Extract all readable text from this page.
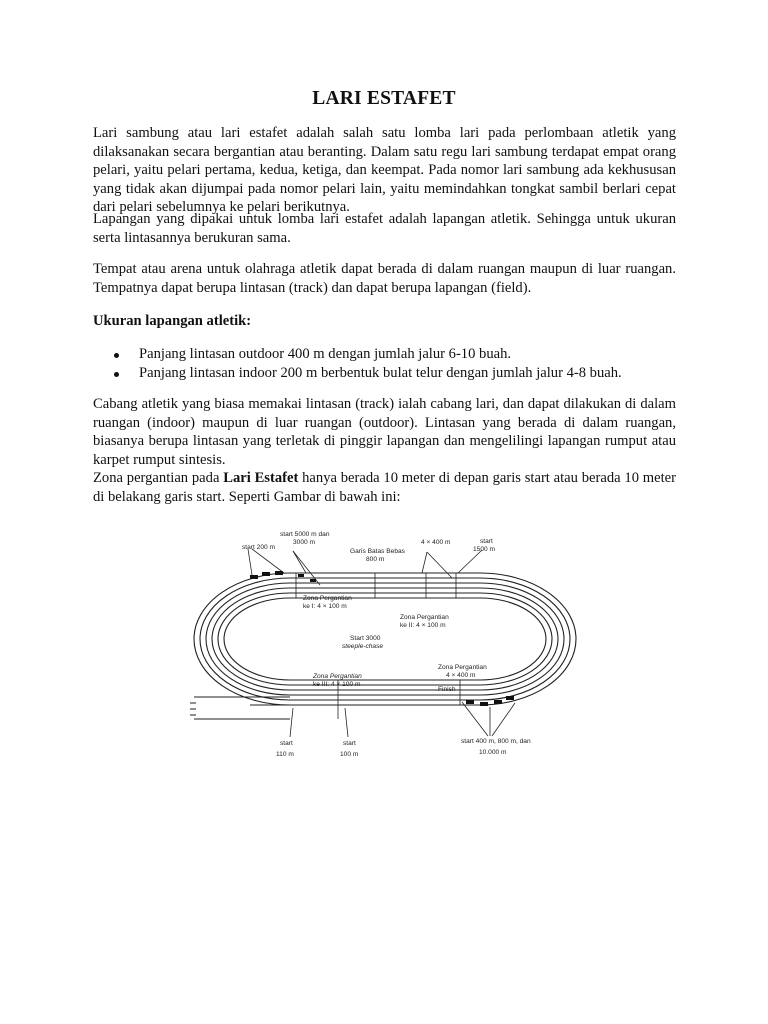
LARI ESTAFET

Lari sambung atau lari estafet adalah salah satu lomba lari pada perlombaan atletik yang dilaksanakan secara bergantian atau beranting. Dalam satu regu lari sambung terdapat empat orang pelari, yaitu pelari pertama, kedua, ketiga, dan keempat. Pada nomor lari sambung ada kekhususan yang tidak akan dijumpai pada nomor pelari lain, yaitu memindahkan tongkat sambil berlari cepat dari pelari sebelumnya ke pelari berikutnya.

Lapangan yang dipakai untuk lomba lari estafet adalah lapangan atletik. Sehingga untuk ukuran serta lintasannya berukuran sama.

Tempat atau arena untuk olahraga atletik dapat berada di dalam ruangan maupun di luar ruangan. Tempatnya dapat berupa lintasan (track) dan dapat berupa lapangan (field).

Ukuran lapangan atletik:
Panjang lintasan outdoor 400 m dengan jumlah jalur 6-10 buah.
Panjang lintasan indoor 200 m berbentuk bulat telur dengan jumlah jalur 4-8 buah.

Cabang atletik yang biasa memakai lintasan (track) ialah cabang lari, dan dapat dilakukan di dalam ruangan (indoor) maupun di luar ruangan (outdoor). Lintasan yang berada di dalam ruangan, biasanya berupa lintasan yang terletak di pinggir lapangan dan mengelilingi lapangan rumput atau karpet rumput sintesis.

Zona pergantian pada Lari Estafet hanya berada 10 meter di depan garis start atau berada 10 meter di belakang garis start. Seperti Gambar di bawah ini:

start 200 m
start 5000 m dan
3000 m
Garis Batas Bebas
800 m
4 × 400 m	start
1500 m
Zona Pergantian
ke I: 4 × 100 m
Zona Pergantian
ke II: 4 × 100 m
Start 3000
steeple-chase
Zona Pergantian
ke III: 4 × 100 m
Zona Pergantian
4 × 400 m
Finish
start
110 m
start
100 m
start 400 m, 800 m, dan
10.000 m
